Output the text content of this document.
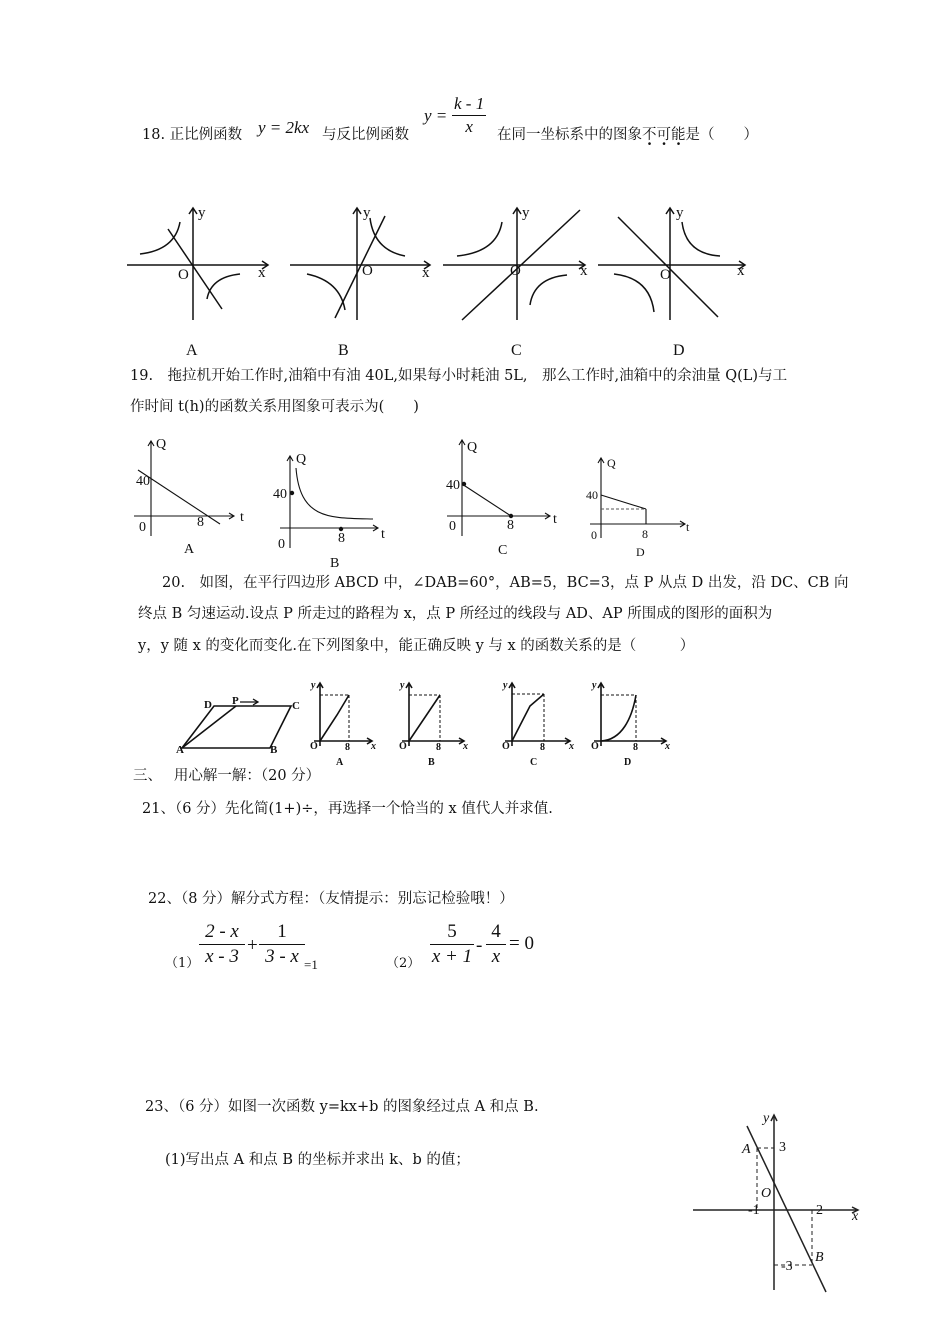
18. 正比例函数 y = 2kx 与反比例函数
$y = \frac{k - 1}{x}$ 在同一坐标系中的图象不可能是（　　）
y
x
O
y
x
O
y
x
O
y
x
O
A	B	C	D
19.　拖拉机开始工作时,油箱中有油 40L,如果每小时耗油 5L,　那么工作时,油箱中的余油量 Q(L)与工
作时间 t(h)的函数关系用图象可表示为(　　)
Q
t
40
8
0
A
Q
t
40
8
0
B
Q
t
40
8
0
C
Q
t
40
8
0
D
20.　如图，在平行四边形 ABCD 中，∠DAB=60°，AB=5，BC=3，点 P 从点 D 出发，沿 DC、CB 向
终点 B 匀速运动.设点 P 所走过的路程为 x，点 P 所经过的线段与 AD、AP 所围成的图形的面积为
y，y 随 x 的变化而变化.在下列图象中，能正确反映 y 与 x 的函数关系的是（　　　）
A	B
C
D P
y
x
O	8
A
y
x
O	8
B
y
x
O	8
C
y
x
O	8
D
三、　 用心解一解：（20 分）
21、（6 分）先化简(1+)÷，再选择一个恰当的 x 值代人并求值.
22、（8 分）解分式方程：（友情提示：别忘记检验哦！）
$(1) \frac{2 - x}{x - 3} + \frac{1}{3 - x} =1$	$(2) \frac{5}{x + 1} - \frac{4}{x} = 0$
23、（6 分）如图一次函数 y=kx+b 的图象经过点 A 和点 B.
(1)写出点 A 和点 B 的坐标并求出 k、b 的值；
y
x
O
A
B
3
-1	2
-3
